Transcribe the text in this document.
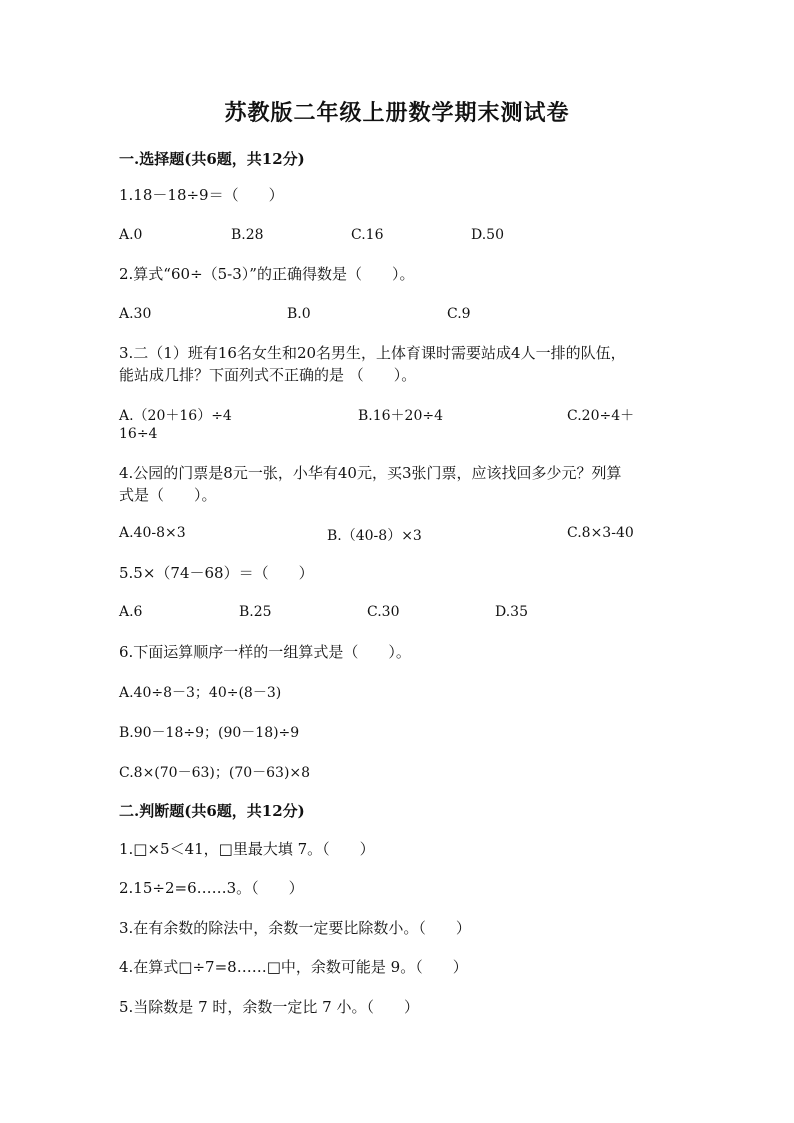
苏教版二年级上册数学期末测试卷
一.选择题(共6题，共12分)
1.18－18÷9＝（　　）
A.0	B.28	C.16	D.50
2.算式“60÷（5-3）”的正确得数是（　　）。
A.30	B.0	C.9
3.二（1）班有16名女生和20名男生，上体育课时需要站成4人一排的队伍，
能站成几排？下面列式不正确的是 （　　）。
A.（20＋16）÷4	B.16＋20÷4	C.20÷4＋
16÷4
4.公园的门票是8元一张，小华有40元，买3张门票，应该找回多少元？列算
式是（　　）。
A.40-8×3	B.（40-8）×3	C.8×3-40
5.5×（74－68）＝（　　）
A.6	B.25	C.30	D.35
6.下面运算顺序一样的一组算式是（　　）。
A.40÷8－3；40÷(8－3)
B.90－18÷9；(90－18)÷9
C.8×(70－63)；(70－63)×8
二.判断题(共6题，共12分)
1.□×5＜41，□里最大填 7。（　　）
2.15÷2=6……3。（　　）
3.在有余数的除法中，余数一定要比除数小。（　　）
4.在算式□÷7=8……□中，余数可能是 9。（　　）
5.当除数是 7 时，余数一定比 7 小。（　　）
